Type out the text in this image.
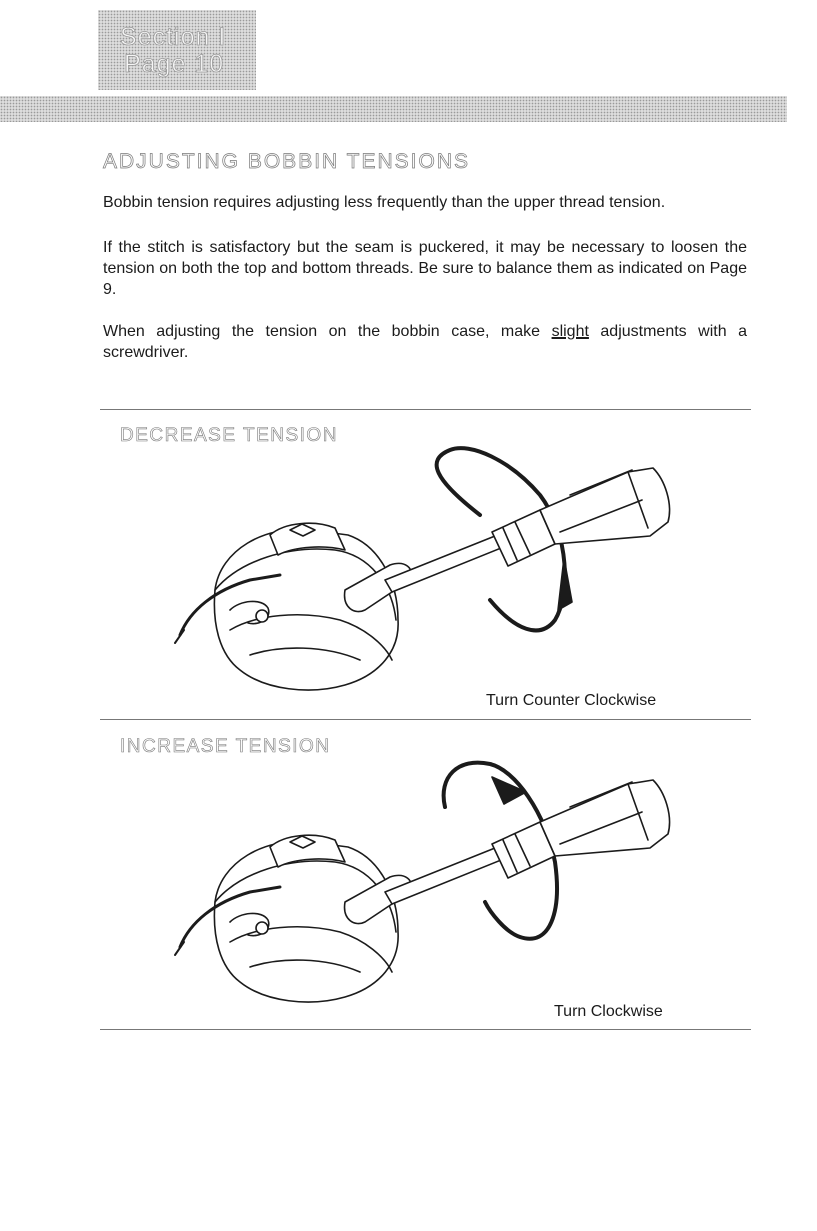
Section I
Page 10
ADJUSTING BOBBIN TENSIONS

Bobbin tension requires adjusting less frequently than the upper thread tension.

If the stitch is satisfactory but the seam is puckered, it may be necessary to loosen the tension on both the top and bottom threads. Be sure to balance them as indicated on Page 9.

When adjusting the tension on the bobbin case, make slight adjustments with a screwdriver.

DECREASE TENSION
Turn Counter Clockwise
INCREASE TENSION
Turn Clockwise
